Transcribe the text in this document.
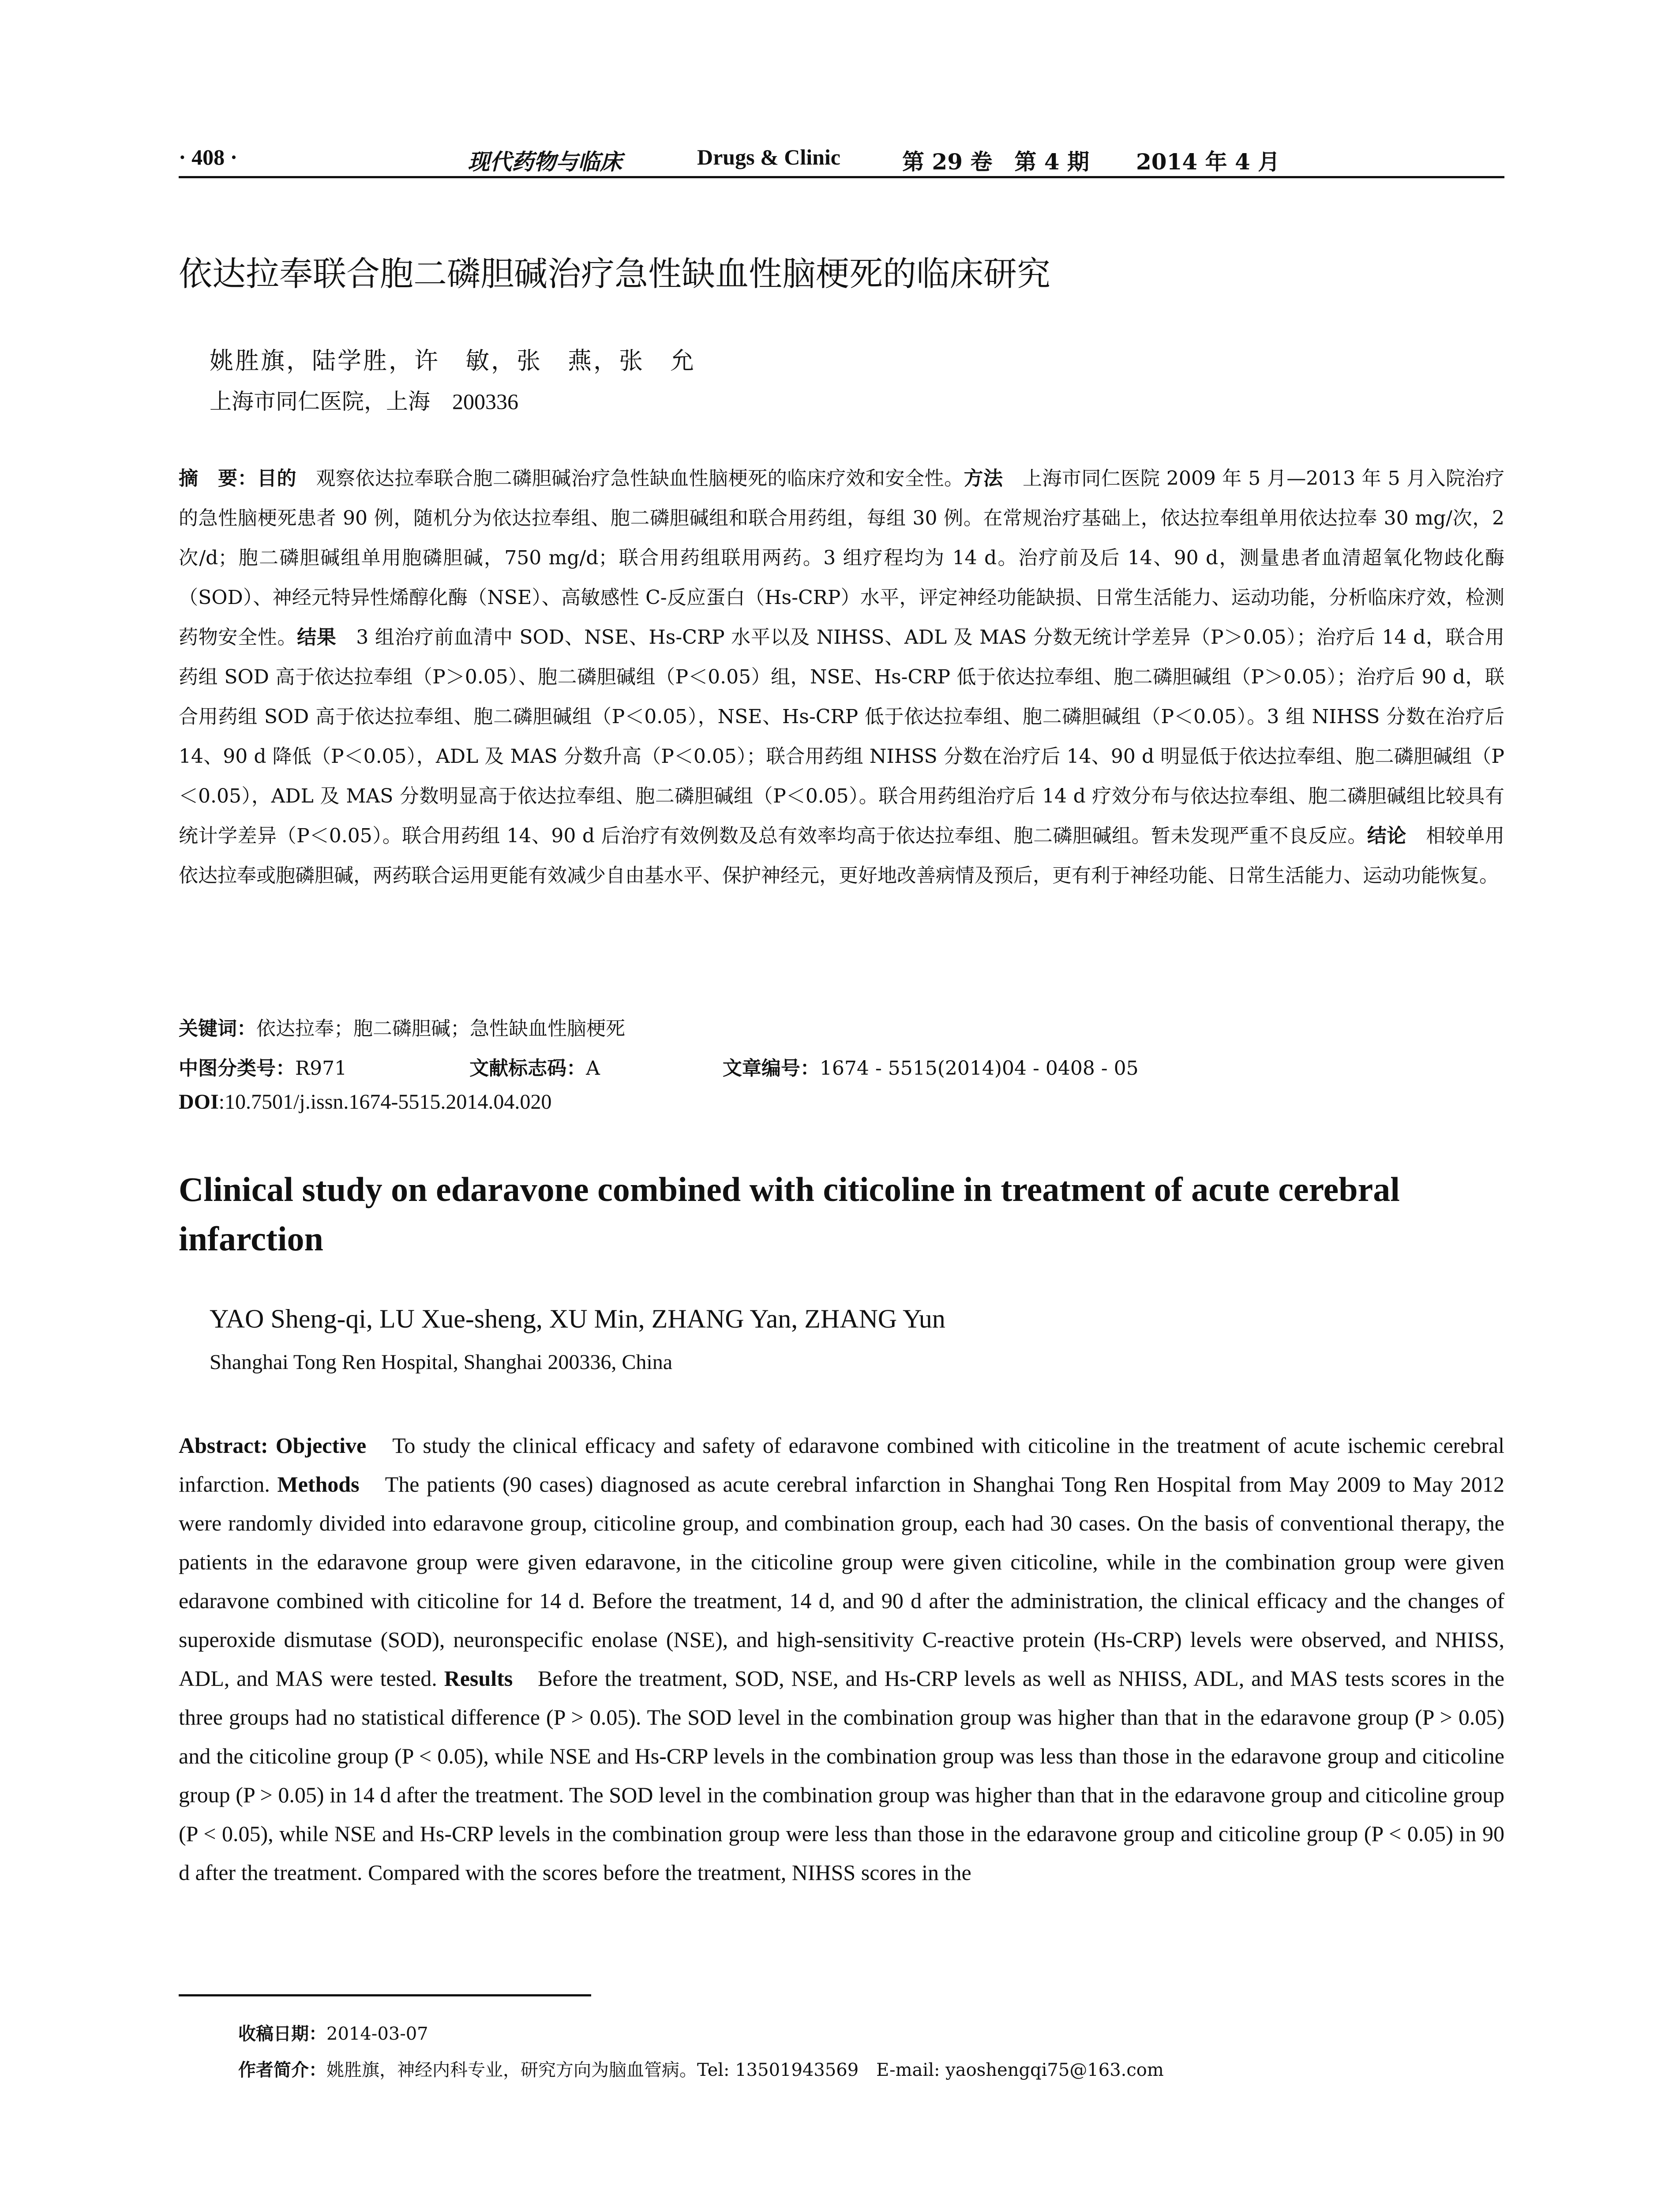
· 408 ·	现代药物与临床	Drugs & Clinic	第 29 卷　第 4 期 2014 年 4 月
依达拉奉联合胞二磷胆碱治疗急性缺血性脑梗死的临床研究
姚胜旗，陆学胜，许　敏，张　燕，张　允
上海市同仁医院，上海　200336
摘　要：目的　观察依达拉奉联合胞二磷胆碱治疗急性缺血性脑梗死的临床疗效和安全性。方法　上海市同仁医院 2009 年 5 月—2013 年 5 月入院治疗的急性脑梗死患者 90 例，随机分为依达拉奉组、胞二磷胆碱组和联合用药组，每组 30 例。在常规治疗基础上，依达拉奉组单用依达拉奉 30 mg/次，2 次/d；胞二磷胆碱组单用胞磷胆碱，750 mg/d；联合用药组联用两药。3 组疗程均为 14 d。治疗前及后 14、90 d，测量患者血清超氧化物歧化酶（SOD）、神经元特异性烯醇化酶（NSE）、高敏感性 C-反应蛋白（Hs-CRP）水平，评定神经功能缺损、日常生活能力、运动功能，分析临床疗效，检测药物安全性。结果　3 组治疗前血清中 SOD、NSE、Hs-CRP 水平以及 NIHSS、ADL 及 MAS 分数无统计学差异（P＞0.05）；治疗后 14 d，联合用药组 SOD 高于依达拉奉组（P＞0.05）、胞二磷胆碱组（P＜0.05）组，NSE、Hs-CRP 低于依达拉奉组、胞二磷胆碱组（P＞0.05）；治疗后 90 d，联合用药组 SOD 高于依达拉奉组、胞二磷胆碱组（P＜0.05），NSE、Hs-CRP 低于依达拉奉组、胞二磷胆碱组（P＜0.05）。3 组 NIHSS 分数在治疗后 14、90 d 降低（P＜0.05），ADL 及 MAS 分数升高（P＜0.05）；联合用药组 NIHSS 分数在治疗后 14、90 d 明显低于依达拉奉组、胞二磷胆碱组（P＜0.05），ADL 及 MAS 分数明显高于依达拉奉组、胞二磷胆碱组（P＜0.05）。联合用药组治疗后 14 d 疗效分布与依达拉奉组、胞二磷胆碱组比较具有统计学差异（P＜0.05）。联合用药组 14、90 d 后治疗有效例数及总有效率均高于依达拉奉组、胞二磷胆碱组。暂未发现严重不良反应。结论　相较单用依达拉奉或胞磷胆碱，两药联合运用更能有效减少自由基水平、保护神经元，更好地改善病情及预后，更有利于神经功能、日常生活能力、运动功能恢复。
关键词：依达拉奉；胞二磷胆碱；急性缺血性脑梗死
中图分类号：R971	文献标志码：A	文章编号：1674 - 5515(2014)04 - 0408 - 05
DOI:10.7501/j.issn.1674-5515.2014.04.020
Clinical study on edaravone combined with citicoline in treatment of acute cerebral infarction
YAO Sheng-qi, LU Xue-sheng, XU Min, ZHANG Yan, ZHANG Yun
Shanghai Tong Ren Hospital, Shanghai 200336, China
Abstract: Objective　To study the clinical efficacy and safety of edaravone combined with citicoline in the treatment of acute ischemic cerebral infarction. Methods　The patients (90 cases) diagnosed as acute cerebral infarction in Shanghai Tong Ren Hospital from May 2009 to May 2012 were randomly divided into edaravone group, citicoline group, and combination group, each had 30 cases. On the basis of conventional therapy, the patients in the edaravone group were given edaravone, in the citicoline group were given citicoline, while in the combination group were given edaravone combined with citicoline for 14 d. Before the treatment, 14 d, and 90 d after the administration, the clinical efficacy and the changes of superoxide dismutase (SOD), neuronspecific enolase (NSE), and high-sensitivity C-reactive protein (Hs-CRP) levels were observed, and NHISS, ADL, and MAS were tested. Results　Before the treatment, SOD, NSE, and Hs-CRP levels as well as NHISS, ADL, and MAS tests scores in the three groups had no statistical difference (P > 0.05). The SOD level in the combination group was higher than that in the edaravone group (P > 0.05) and the citicoline group (P < 0.05), while NSE and Hs-CRP levels in the combination group was less than those in the edaravone group and citicoline group (P > 0.05) in 14 d after the treatment. The SOD level in the combination group was higher than that in the edaravone group and citicoline group (P < 0.05), while NSE and Hs-CRP levels in the combination group were less than those in the edaravone group and citicoline group (P < 0.05) in 90 d after the treatment. Compared with the scores before the treatment, NIHSS scores in the
收稿日期：2014-03-07
作者简介：姚胜旗，神经内科专业，研究方向为脑血管病。Tel: 13501943569　E-mail: yaoshengqi75@163.com
